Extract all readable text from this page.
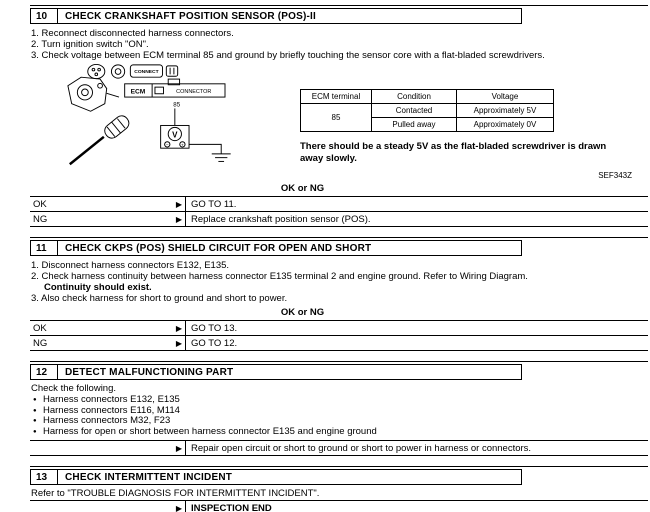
10	CHECK CRANKSHAFT POSITION SENSOR (POS)-II
1. Reconnect disconnected harness connectors.
2. Turn ignition switch "ON".
3. Check voltage between ECM terminal 85 and ground by briefly touching the sensor core with a flat-bladed screwdrivers.
CONNECT
ECM	CONNECTOR
85
V
− +
ECM terminal	Condition	Voltage
85	Contacted	Approximately 5V
	Pulled away	Approximately 0V
There should be a steady 5V as the flat-bladed screwdriver is drawn away slowly.
SEF343Z
OK or NG
OK	▶ GO TO 11.
NG	▶ Replace crankshaft position sensor (POS).
11	CHECK CKPS (POS) SHIELD CIRCUIT FOR OPEN AND SHORT
1. Disconnect harness connectors E132, E135.
2. Check harness continuity between harness connector E135 terminal 2 and engine ground. Refer to Wiring Diagram.
Continuity should exist.
3. Also check harness for short to ground and short to power.
OK or NG
OK	▶ GO TO 13.
NG	▶ GO TO 12.
12	DETECT MALFUNCTIONING PART
Check the following.
● Harness connectors E132, E135
● Harness connectors E116, M114
● Harness connectors M32, F23
● Harness for open or short between harness connector E135 and engine ground
▶ Repair open circuit or short to ground or short to power in harness or connectors.
13	CHECK INTERMITTENT INCIDENT
Refer to "TROUBLE DIAGNOSIS FOR INTERMITTENT INCIDENT".
▶ INSPECTION END
